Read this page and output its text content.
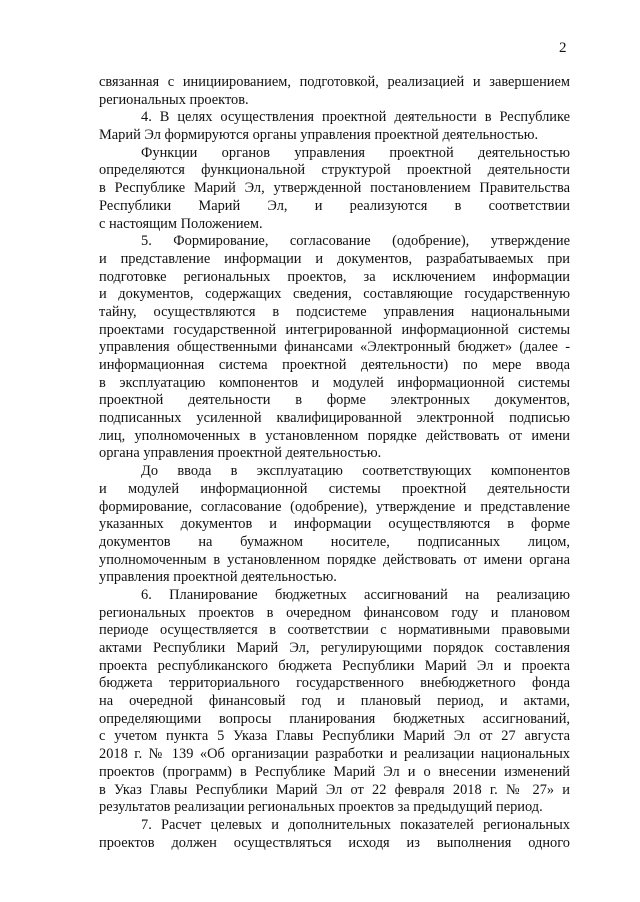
2
связанная с инициированием, подготовкой, реализацией и завершением
региональных проектов.
4. В целях осуществления проектной деятельности в Республике
Марий Эл формируются органы управления проектной деятельностью.
Функции органов управления проектной деятельностью
определяются функциональной структурой проектной деятельности
в Республике Марий Эл, утвержденной постановлением Правительства
Республики Марий Эл, и реализуются в соответствии
с настоящим Положением.
5. Формирование, согласование (одобрение), утверждение
и представление информации и документов, разрабатываемых при
подготовке региональных проектов, за исключением информации
и документов, содержащих сведения, составляющие государственную
тайну, осуществляются в подсистеме управления национальными
проектами государственной интегрированной информационной системы
управления общественными финансами «Электронный бюджет» (далее -
информационная система проектной деятельности) по мере ввода
в эксплуатацию компонентов и модулей информационной системы
проектной деятельности в форме электронных документов,
подписанных усиленной квалифицированной электронной подписью
лиц, уполномоченных в установленном порядке действовать от имени
органа управления проектной деятельностью.
До ввода в эксплуатацию соответствующих компонентов
и модулей информационной системы проектной деятельности
формирование, согласование (одобрение), утверждение и представление
указанных документов и информации осуществляются в форме
документов на бумажном носителе, подписанных лицом,
уполномоченным в установленном порядке действовать от имени органа
управления проектной деятельностью.
6. Планирование бюджетных ассигнований на реализацию
региональных проектов в очередном финансовом году и плановом
периоде осуществляется в соответствии с нормативными правовыми
актами Республики Марий Эл, регулирующими порядок составления
проекта республиканского бюджета Республики Марий Эл и проекта
бюджета территориального государственного внебюджетного фонда
на очередной финансовый год и плановый период, и актами,
определяющими вопросы планирования бюджетных ассигнований,
с учетом пункта 5 Указа Главы Республики Марий Эл от 27 августа
2018 г. № 139 «Об организации разработки и реализации национальных
проектов (программ) в Республике Марий Эл и о внесении изменений
в Указ Главы Республики Марий Эл от 22 февраля 2018 г. № 27» и
результатов реализации региональных проектов за предыдущий период.
7. Расчет целевых и дополнительных показателей региональных
проектов должен осуществляться исходя из выполнения одного
